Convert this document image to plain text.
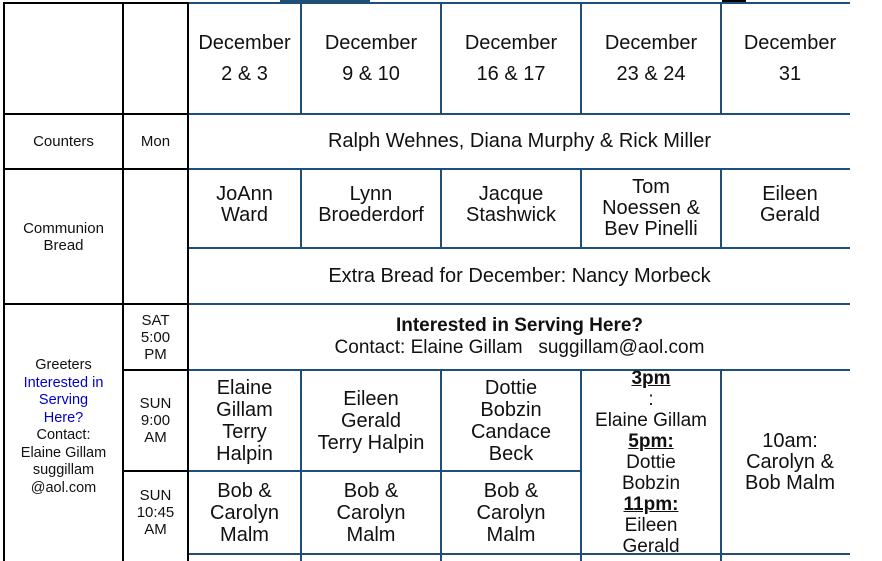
December
2 & 3
December
9 & 10
December
16 & 17
December
23 & 24
December
31
Counters	Mon	Ralph Wehnes, Diana Murphy & Rick Miller
Communion
Bread
JoAnn
Ward
Lynn
Broederdorf
Jacque
Stashwick
Tom
Noessen &
Bev Pinelli
Eileen
Gerald
Extra Bread for December: Nancy Morbeck
Greeters
Interested in
Serving
Here?
Contact:
Elaine Gillam
suggillam
@aol.com
SAT
5:00
PM
SUN
9:00
AM
SUN
10:45
AM
Interested in Serving Here?
Contact: Elaine Gillam   suggillam@aol.com
Elaine
Gillam
Terry
Halpin
Eileen
Gerald
Terry Halpin
Dottie
Bobzin
Candace
Beck
Bob &
Carolyn
Malm
Bob &
Carolyn
Malm
Bob &
Carolyn
Malm
3pm
:
Elaine Gillam
5pm:
Dottie
Bobzin
11pm:
Eileen
Gerald
10am:
Carolyn &
Bob Malm
